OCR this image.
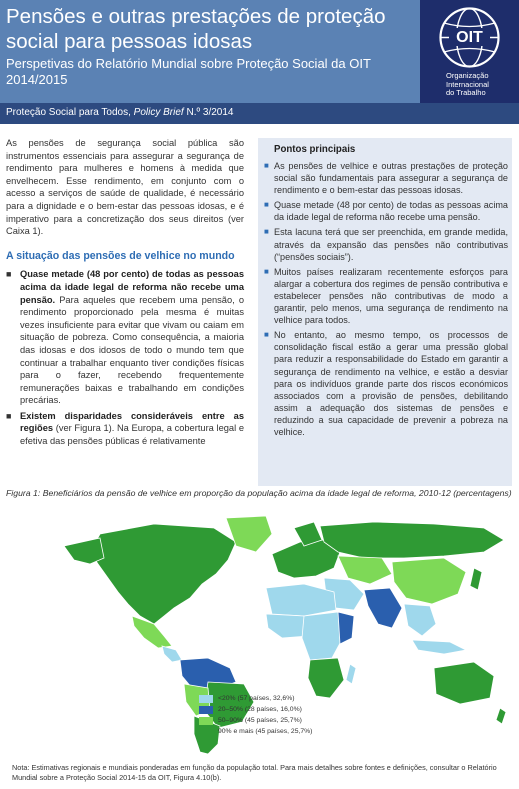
Pensões e outras prestações de proteção social para pessoas idosas
Perspetivas do Relatório Mundial sobre Proteção Social da OIT 2014/2015
OIT
Organização
Internacional
do Trabalho
Proteção Social para Todos, Policy Brief N.º 3/2014

As pensões de segurança social pública são instrumentos essenciais para assegurar a segurança de rendimento para mulheres e homens à medida que envelhecem. Esse rendimento, em conjunto com o acesso a serviços de saúde de qualidade, é necessário para a dignidade e o bem-estar das pessoas idosas, e é imperativo para a concretização dos seus direitos (ver Caixa 1).

A situação das pensões de velhice no mundo
■ Quase metade (48 por cento) de todas as pessoas acima da idade legal de reforma não recebe uma pensão. Para aqueles que recebem uma pensão, o rendimento proporcionado pela mesma é muitas vezes insuficiente para evitar que vivam ou caiam em situação de pobreza. Como consequência, a maioria das idosas e dos idosos de todo o mundo tem que continuar a trabalhar enquanto tiver condições físicas para o fazer, recebendo frequentemente remunerações baixas e trabalhando em condições precárias.
■ Existem disparidades consideráveis entre as regiões (ver Figura 1). Na Europa, a cobertura legal e efetiva das pensões públicas é relativamente
Pontos principais
■ As pensões de velhice e outras prestações de proteção social são fundamentais para assegurar a segurança de rendimento e o bem-estar das pessoas idosas.
■ Quase metade (48 por cento) de todas as pessoas acima da idade legal de reforma não recebe uma pensão.
■ Esta lacuna terá que ser preenchida, em grande medida, através da expansão das pensões não contributivas (“pensões sociais”).
■ Muitos países realizaram recentemente esforços para alargar a cobertura dos regimes de pensão contributiva e estabelecer pensões não contributivas de modo a garantir, pelo menos, uma segurança de rendimento na velhice para todos.
■ No entanto, ao mesmo tempo, os processos de consolidação fiscal estão a gerar uma pressão global para reduzir a responsabilidade do Estado em garantir a segurança de rendimento na velhice, e estão a desviar para os indivíduos grande parte dos riscos económicos associados com a provisão de pensões, debilitando assim a adequação dos sistemas de pensões e reduzindo a sua capacidade de prevenir a pobreza na velhice.
Figura 1: Beneficiários da pensão de velhice em proporção da população acima da idade legal de reforma, 2010-12 (percentagens)
<20% (57 países, 32,6%)
20–50% (28 países, 16,0%)
50–90% (45 países, 25,7%)
90% e mais (45 países, 25,7%)
Nota: Estimativas regionais e mundiais ponderadas em função da população total. Para mais detalhes sobre fontes e definições, consultar o Relatório Mundial sobre a Proteção Social 2014-15 da OIT, Figura 4.10(b).
